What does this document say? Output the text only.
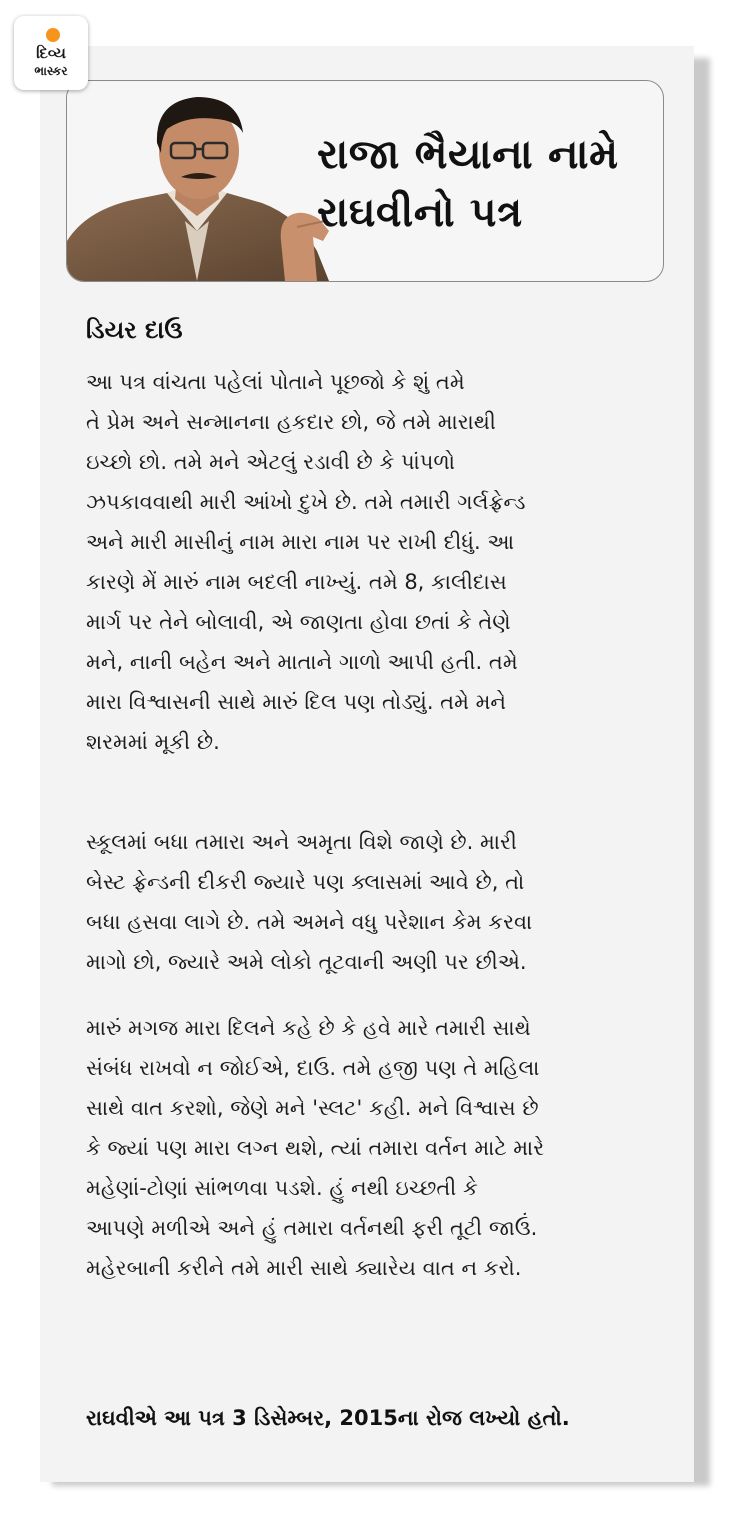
દિવ્ય
ભાસ્કર
રાજા ભૈયાના નામે રાઘવીનો પત્ર
ડિયર દાઉ
આ પત્ર વાંચતા પહેલાં પોતાને પૂછજો કે શું તમે
તે પ્રેમ અને સન્માનના હકદાર છો, જે તમે મારાથી
ઇચ્છો છો. તમે મને એટલું રડાવી છે કે પાંપળો
ઝપકાવવાથી મારી આંખો દુખે છે. તમે તમારી ગર્લફ્રેન્ડ
અને મારી માસીનું નામ મારા નામ પર રાખી દીધું. આ
કારણે મેં મારું નામ બદલી નાખ્યું. તમે 8, કાલીદાસ
માર્ગ પર તેને બોલાવી, એ જાણતા હોવા છતાં કે તેણે
મને, નાની બહેન અને માતાને ગાળો આપી હતી. તમે
મારા વિશ્વાસની સાથે મારું દિલ પણ તોડ્યું. તમે મને
શરમમાં મૂકી છે.
સ્કૂલમાં બધા તમારા અને અમૃતા વિશે જાણે છે. મારી
બેસ્ટ ફ્રેન્ડની દીકરી જ્યારે પણ ક્લાસમાં આવે છે, તો
બધા હસવા લાગે છે. તમે અમને વધુ પરેશાન કેમ કરવા
માગો છો, જ્યારે અમે લોકો તૂટવાની અણી પર છીએ.
મારું મગજ મારા દિલને કહે છે કે હવે મારે તમારી સાથે
સંબંધ રાખવો ન જોઈએ, દાઉ. તમે હજી પણ તે મહિલા
સાથે વાત કરશો, જેણે મને 'સ્લટ' કહી. મને વિશ્વાસ છે
કે જ્યાં પણ મારા લગ્ન થશે, ત્યાં તમારા વર્તન માટે મારે
મહેણાં-ટોણાં સાંભળવા પડશે. હું નથી ઇચ્છતી કે
આપણે મળીએ અને હું તમારા વર્તનથી ફરી તૂટી જાઉં.
મહેરબાની કરીને તમે મારી સાથે ક્યારેય વાત ન કરો.
રાઘવીએ આ પત્ર 3 ડિસેમ્બર, 2015ના રોજ લખ્યો હતો.
